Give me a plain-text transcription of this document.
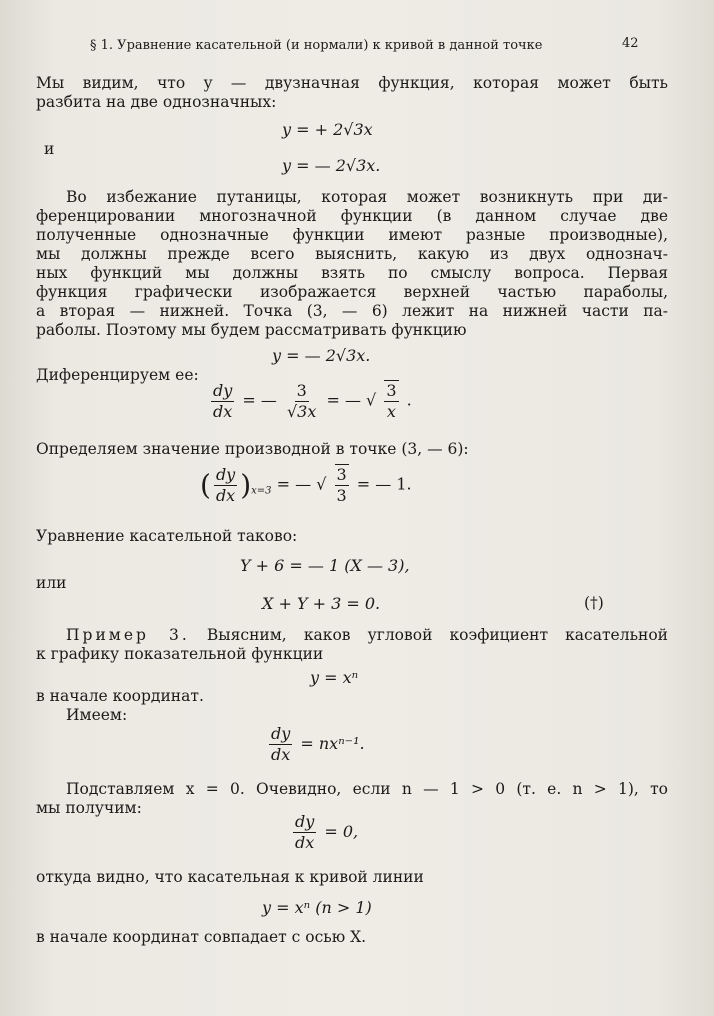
§ 1. Уравнение касательной (и нормали) к кривой в данной точке	42
Мы видим, что y — двузначная функция, которая может быть
разбита на две однозначных:
y = + 2√3x
и
y = — 2√3x.
Во избежание путаницы, которая может возникнуть при ди-
ференцировании многозначной функции (в данном случае две
полученные однозначные функции имеют разные производные),
мы должны прежде всего выяснить, какую из двух однознач-
ных функций мы должны взять по смыслу вопроса. Первая
функция графически изображается верхней частью параболы,
а вторая — нижней. Точка (3, — 6) лежит на нижней части па-
раболы. Поэтому мы будем рассматривать функцию
y = — 2√3x.
Диференцируем ее:
$\frac{dy}{dx}$ = — $\frac{3}{√3x}$ = — √ $\frac{3}{x}$ .
Определяем значение производной в точке (3, — 6):
( $\frac{dy}{dx} )_{x=3}$ = — √ $\frac{3}{3}$ = — 1.
Уравнение касательной таково:
Y + 6 = — 1 (X — 3),
или
X + Y + 3 = 0.	(†)
Пример 3. Выясним, каков угловой коэфициент касательной
к графику показательной функции
y = xⁿ
в начале координат.
Имеем:
$\frac{dy}{dx} = nx^{n-1}$.
Подставляем x = 0. Очевидно, если n — 1 > 0 (т. е. n > 1), то
мы получим:
$\frac{dy}{dx} = 0$,
откуда видно, что касательная к кривой линии
y = xⁿ (n > 1)
в начале координат совпадает с осью X.
